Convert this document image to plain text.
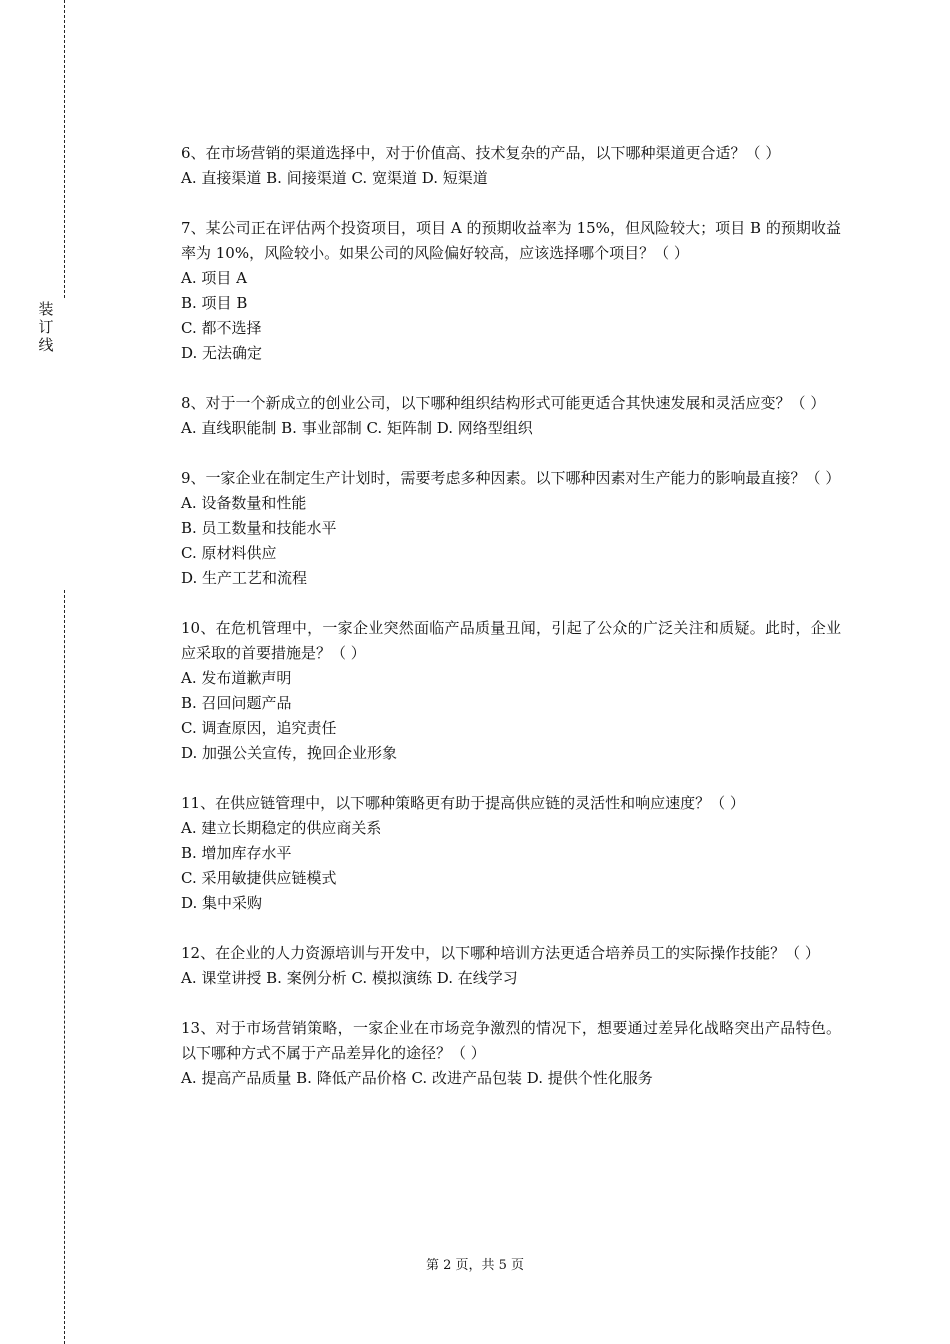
装
订
线

6、在市场营销的渠道选择中，对于价值高、技术复杂的产品，以下哪种渠道更合适？（ ）

A. 直接渠道 B. 间接渠道 C. 宽渠道 D. 短渠道

7、某公司正在评估两个投资项目，项目 A 的预期收益率为 15%，但风险较大；项目 B 的预期收益率为 10%，风险较小。如果公司的风险偏好较高，应该选择哪个项目？（ ）

A. 项目 A

B. 项目 B

C. 都不选择

D. 无法确定

8、对于一个新成立的创业公司，以下哪种组织结构形式可能更适合其快速发展和灵活应变？（ ）

A. 直线职能制 B. 事业部制 C. 矩阵制 D. 网络型组织

9、一家企业在制定生产计划时，需要考虑多种因素。以下哪种因素对生产能力的影响最直接？（ ）

A. 设备数量和性能

B. 员工数量和技能水平

C. 原材料供应

D. 生产工艺和流程

10、在危机管理中，一家企业突然面临产品质量丑闻，引起了公众的广泛关注和质疑。此时，企业应采取的首要措施是？（ ）

A. 发布道歉声明

B. 召回问题产品

C. 调查原因，追究责任

D. 加强公关宣传，挽回企业形象

11、在供应链管理中，以下哪种策略更有助于提高供应链的灵活性和响应速度？（ ）

A. 建立长期稳定的供应商关系

B. 增加库存水平

C. 采用敏捷供应链模式

D. 集中采购

12、在企业的人力资源培训与开发中，以下哪种培训方法更适合培养员工的实际操作技能？（ ）

A. 课堂讲授 B. 案例分析 C. 模拟演练 D. 在线学习

13、对于市场营销策略，一家企业在市场竞争激烈的情况下，想要通过差异化战略突出产品特色。以下哪种方式不属于产品差异化的途径？（ ）

A. 提高产品质量 B. 降低产品价格 C. 改进产品包装 D. 提供个性化服务

第 2 页，共 5 页
